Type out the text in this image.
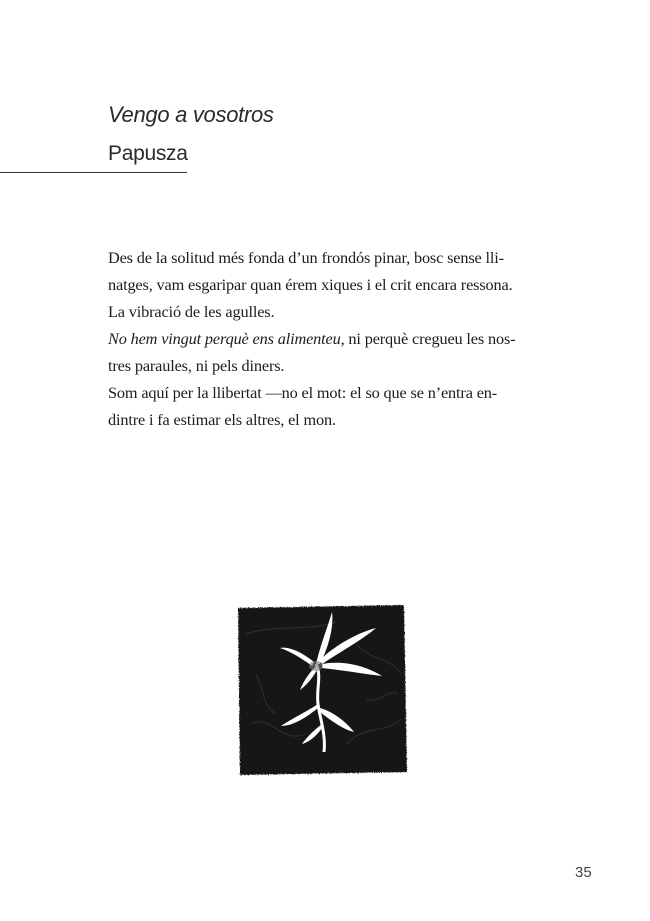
Vengo a vosotros
Papusza
Des de la solitud més fonda d’un frondós pinar, bosc sense lli-
natges, vam esgaripar quan érem xiques i el crit encara ressona.
La vibració de les agulles.
No hem vingut perquè ens alimenteu, ni perquè cregueu les nos-
tres paraules, ni pels diners.
Som aquí per la llibertat —no el mot: el so que se n’entra en-
dintre i fa estimar els altres, el mon.
35
